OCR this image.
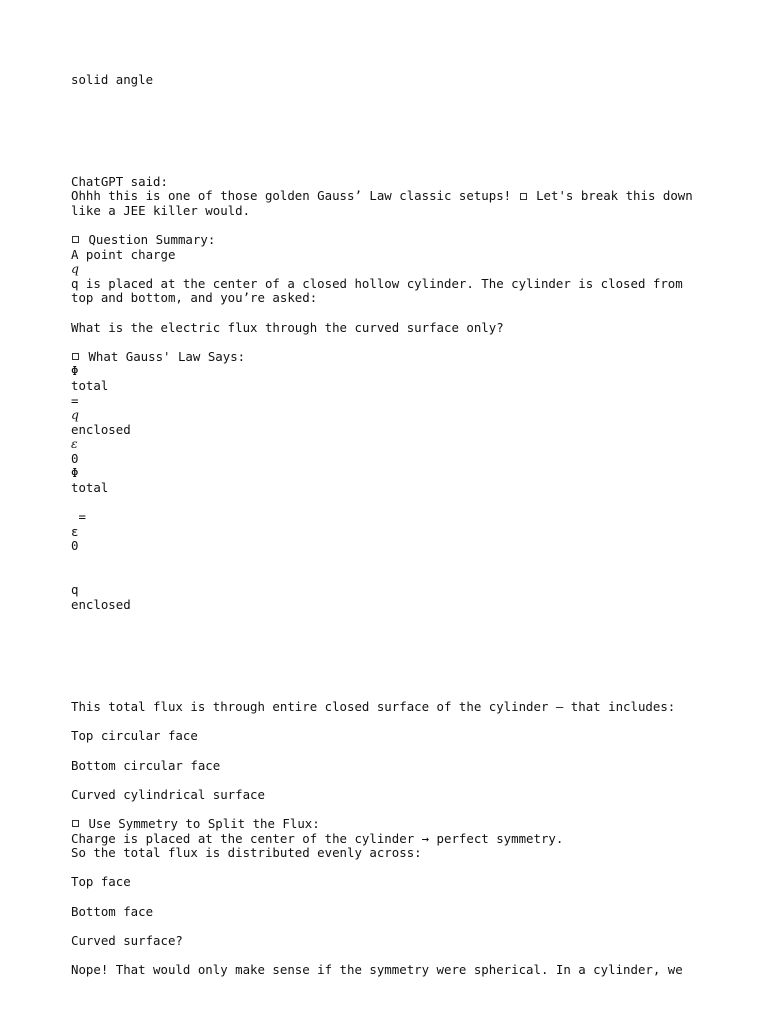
solid angle
ChatGPT said:
Ohhh this is one of those golden Gauss’ Law classic setups!  Let's break this down
like a JEE killer would.
Question Summary:
A point charge
q
q is placed at the center of a closed hollow cylinder. The cylinder is closed from
top and bottom, and you’re asked:
What is the electric flux through the curved surface only?
What Gauss' Law Says:
Φ
total
=
q
enclosed
ε
0
Φ
total
=
ε
0
q
enclosed
This total flux is through entire closed surface of the cylinder — that includes:
Top circular face
Bottom circular face
Curved cylindrical surface
Use Symmetry to Split the Flux:
Charge is placed at the center of the cylinder → perfect symmetry.
So the total flux is distributed evenly across:
Top face
Bottom face
Curved surface?
Nope! That would only make sense if the symmetry were spherical. In a cylinder, we
